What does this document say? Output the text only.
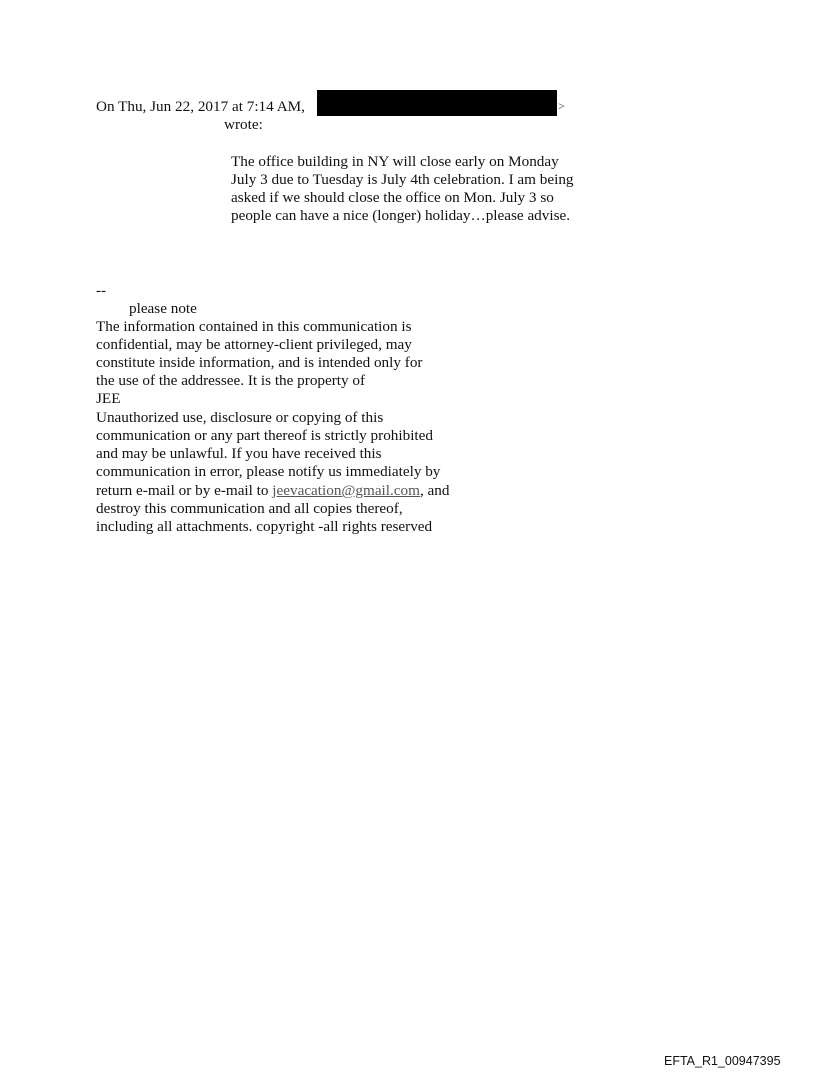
On Thu, Jun 22, 2017 at 7:14 AM,	>
wrote:
The office building in NY will close early on Monday
July 3 due to Tuesday is July 4th celebration. I am being
asked if we should close the office on Mon. July 3 so
people can have a nice (longer) holiday…please advise.
--
please note
The information contained in this communication is
confidential, may be attorney-client privileged, may
constitute inside information, and is intended only for
the use of the addressee. It is the property of
JEE
Unauthorized use, disclosure or copying of this
communication or any part thereof is strictly prohibited
and may be unlawful. If you have received this
communication in error, please notify us immediately by
return e-mail or by e-mail to jeevacation@gmail.com, and
destroy this communication and all copies thereof,
including all attachments. copyright -all rights reserved
EFTA_R1_00947395
